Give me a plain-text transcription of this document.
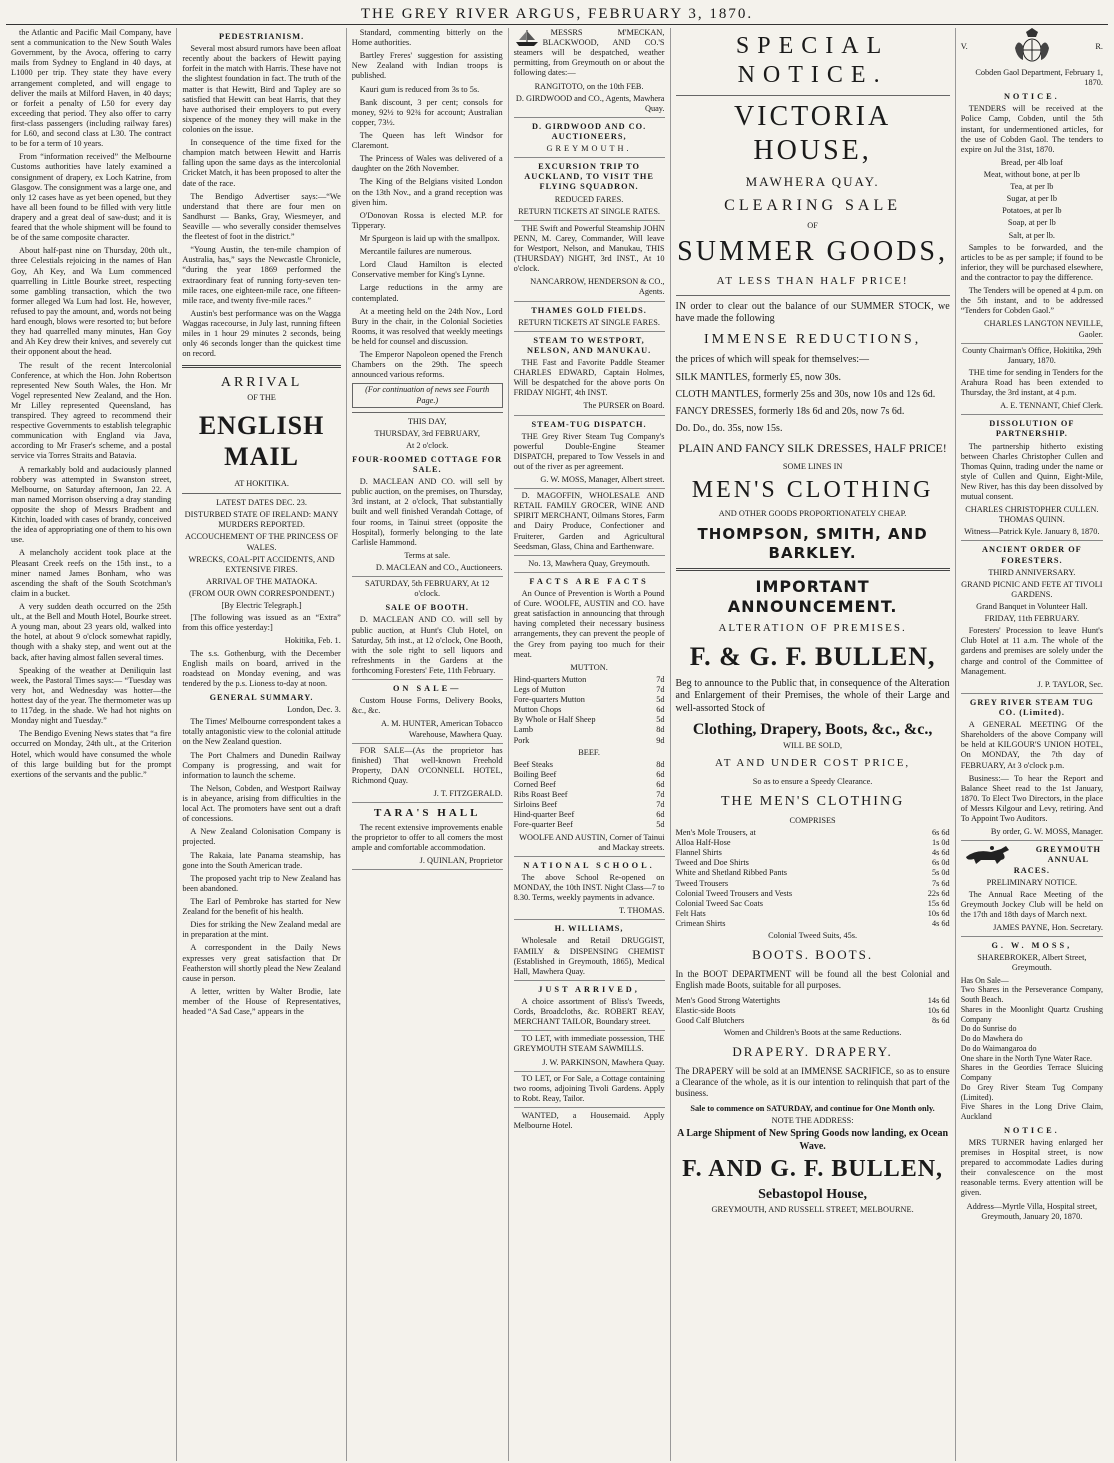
THE GREY RIVER ARGUS, FEBRUARY 3, 1870.

the Atlantic and Pacific Mail Company, have sent a communication to the New South Wales Government, by the Avoca, offering to carry mails from Sydney to England in 40 days, at L1000 per trip. They state they have every arrangement completed, and will engage to deliver the mails at Milford Haven, in 40 days; or forfeit a penalty of L50 for every day exceeding that period. They also offer to carry first-class passengers (including railway fares) for L60, and second class at L30. The contract to be for a term of 10 years.

From “information received” the Melbourne Customs authorities have lately examined a consignment of drapery, ex Loch Katrine, from Glasgow. The consignment was a large one, and only 12 cases have as yet been opened, but they have all been found to be filled with very little drapery and a great deal of saw-dust; and it is feared that the whole shipment will be found to be of the same composite character.

About half-past nine on Thursday, 20th ult., three Celestials rejoicing in the names of Han Goy, Ah Key, and Wa Lum commenced quarrelling in Little Bourke street, respecting some gambling transaction, which the two former alleged Wa Lum had lost. He, however, refused to pay the amount, and, words not being hard enough, blows were resorted to; but before they had quarrelled many minutes, Han Goy and Ah Key drew their knives, and severely cut their opponent about the head.

The result of the recent Intercolonial Conference, at which the Hon. John Robertson represented New South Wales, the Hon. Mr Vogel represented New Zealand, and the Hon. Mr Lilley represented Queensland, has transpired. They agreed to recommend their respective Governments to establish telegraphic communication with England via Java, according to Mr Fraser's scheme, and a postal service via Torres Straits and Batavia.

A remarkably bold and audaciously planned robbery was attempted in Swanston street, Melbourne, on Saturday afternoon, Jan 22. A man named Morrison observing a dray standing opposite the shop of Messrs Bradbent and Kitchin, loaded with cases of brandy, conceived the idea of appropriating one of them to his own use.

A melancholy accident took place at the Pleasant Creek reefs on the 15th inst., to a miner named James Bonham, who was ascending the shaft of the South Scotchman's claim in a bucket.

A very sudden death occurred on the 25th ult., at the Bell and Mouth Hotel, Bourke street. A young man, about 23 years old, walked into the hotel, at about 9 o'clock somewhat rapidly, though with a shaky step, and went out at the back, after having almost fallen several times.

Speaking of the weather at Deniliquin last week, the Pastoral Times says:— “Tuesday was very hot, and Wednesday was hotter—the hottest day of the year. The thermometer was up to 117deg. in the shade. We had hot nights on Monday night and Tuesday.”

The Bendigo Evening News states that “a fire occurred on Monday, 24th ult., at the Criterion Hotel, which would have consumed the whole of this large building but for the prompt exertions of the servants and the public.”

PEDESTRIANISM.

Several most absurd rumors have been afloat recently about the backers of Hewitt paying forfeit in the match with Harris. These have not the slightest foundation in fact. The truth of the matter is that Hewitt, Bird and Tapley are so satisfied that Hewitt can beat Harris, that they have authorised their employers to put every sixpence of the money they will make in the colonies on the issue.

In consequence of the time fixed for the champion match between Hewitt and Harris falling upon the same days as the intercolonial Cricket Match, it has been proposed to alter the date of the race.

The Bendigo Advertiser says:—“We understand that there are four men on Sandhurst — Banks, Gray, Wiesmeyer, and Seaville — who severally consider themselves the fleetest of foot in the district.”

“Young Austin, the ten-mile champion of Australia, has,” says the Newcastle Chronicle, “during the year 1869 performed the extraordinary feat of running forty-seven ten-mile races, one eighteen-mile race, one fifteen-mile race, and twenty five-mile races.”

Austin's best performance was on the Wagga Waggas racecourse, in July last, running fifteen miles in 1 hour 29 minutes 2 seconds, being only 46 seconds longer than the quickest time on record.

ARRIVAL
OF THE
ENGLISH MAIL
AT HOKITIKA.
LATEST DATES DEC. 23.
DISTURBED STATE OF IRELAND: MANY MURDERS REPORTED.
ACCOUCHEMENT OF THE PRINCESS OF WALES.
WRECKS, COAL-PIT ACCIDENTS, AND EXTENSIVE FIRES.
ARRIVAL OF THE MATAOKA.
(FROM OUR OWN CORRESPONDENT.)
[By Electric Telegraph.]

[The following was issued as an “Extra” from this office yesterday:]

Hokitika, Feb. 1.

The s.s. Gothenburg, with the December English mails on board, arrived in the roadstead on Monday evening, and was tendered by the p.s. Lioness to-day at noon.

GENERAL SUMMARY.
London, Dec. 3.

The Times' Melbourne correspondent takes a totally antagonistic view to the colonial attitude on the New Zealand question.

The Port Chalmers and Dunedin Railway Company is progressing, and wait for information to launch the scheme.

The Nelson, Cobden, and Westport Railway is in abeyance, arising from difficulties in the local Act. The promoters have sent out a draft of concessions.

A New Zealand Colonisation Company is projected.

The Rakaia, late Panama steamship, has gone into the South American trade.

The proposed yacht trip to New Zealand has been abandoned.

The Earl of Pembroke has started for New Zealand for the benefit of his health.

Dies for striking the New Zealand medal are in preparation at the mint.

A correspondent in the Daily News expresses very great satisfaction that Dr Featherston will shortly plead the New Zealand cause in person.

A letter, written by Walter Brodie, late member of the House of Representatives, headed “A Sad Case,” appears in the

Standard, commenting bitterly on the Home authorities.

Bartley Freres' suggestion for assisting New Zealand with Indian troops is published.

Kauri gum is reduced from 3s to 5s.

Bank discount, 3 per cent; consols for money, 92½ to 92¾ for account; Australian copper, 73½.

The Queen has left Windsor for Claremont.

The Princess of Wales was delivered of a daughter on the 26th November.

The King of the Belgians visited London on the 13th Nov., and a grand reception was given him.

O'Donovan Rossa is elected M.P. for Tipperary.

Mr Spurgeon is laid up with the smallpox.

Mercantile failures are numerous.

Lord Claud Hamilton is elected Conservative member for King's Lynne.

Large reductions in the army are contemplated.

At a meeting held on the 24th Nov., Lord Bury in the chair, in the Colonial Societies Rooms, it was resolved that weekly meetings be held for counsel and discussion.

The Emperor Napoleon opened the French Chambers on the 29th. The speech announced various reforms.

(For continuation of news see Fourth Page.)
THIS DAY,
THURSDAY, 3rd FEBRUARY,
At 2 o'clock.
FOUR-ROOMED COTTAGE FOR SALE.

D. MACLEAN AND CO. will sell by public auction, on the premises, on Thursday, 3rd instant, at 2 o'clock, That substantially built and well finished Verandah Cottage, of four rooms, in Tainui street (opposite the Hospital), formerly belonging to the late Carlisle Hammond.

Terms at sale.
D. MACLEAN and CO., Auctioneers.
SATURDAY, 5th FEBRUARY, At 12 o'clock.
SALE OF BOOTH.

D. MACLEAN AND CO. will sell by public auction, at Hunt's Club Hotel, on Saturday, 5th inst., at 12 o'clock, One Booth, with the sole right to sell liquors and refreshments in the Gardens at the forthcoming Foresters' Fete, 11th February.

ON SALE—

Custom House Forms, Delivery Books, &c., &c.

A. M. HUNTER, American Tobacco Warehouse, Mawhera Quay.

FOR SALE—(As the proprietor has finished) That well-known Freehold Property, DAN O'CONNELL HOTEL, Richmond Quay.

J. T. FITZGERALD.
TARA'S HALL

The recent extensive improvements enable the proprietor to offer to all comers the most ample and comfortable accommodation.

J. QUINLAN, Proprietor

MESSRS M'MECKAN, BLACKWOOD, AND CO.'S steamers will be despatched, weather permitting, from Greymouth on or about the following dates:—

RANGITOTO, on the 10th FEB.
D. GIRDWOOD and CO., Agents, Mawhera Quay.
D. GIRDWOOD AND CO. AUCTIONEERS,
GREYMOUTH.
EXCURSION TRIP TO AUCKLAND, TO VISIT THE FLYING SQUADRON.
REDUCED FARES.
RETURN TICKETS AT SINGLE RATES.

THE Swift and Powerful Steamship JOHN PENN, M. Carey, Commander, Will leave for Westport, Nelson, and Manukau, THIS (THURSDAY) NIGHT, 3rd INST., At 10 o'clock.

NANCARROW, HENDERSON & CO., Agents.
THAMES GOLD FIELDS.
RETURN TICKETS AT SINGLE FARES.
STEAM TO WESTPORT, NELSON, AND MANUKAU.

THE Fast and Favorite Paddle Steamer CHARLES EDWARD, Captain Holmes, Will be despatched for the above ports On FRIDAY NIGHT, 4th INST.

The PURSER on Board.
STEAM-TUG DISPATCH.

THE Grey River Steam Tug Company's powerful Double-Engine Steamer DISPATCH, prepared to Tow Vessels in and out of the river as per agreement.

G. W. MOSS, Manager, Albert street.

D. MAGOFFIN, WHOLESALE AND RETAIL FAMILY GROCER, WINE AND SPIRIT MERCHANT, Oilmans Stores, Farm and Dairy Produce, Confectioner and Fruiterer, Garden and Agricultural Seedsman, Glass, China and Earthenware.

No. 13, Mawhera Quay, Greymouth.
FACTS ARE FACTS

An Ounce of Prevention is Worth a Pound of Cure. WOOLFE, AUSTIN and CO. have great satisfaction in announcing that through having completed their necessary business arrangements, they can prevent the people of the Grey from paying too much for their meat.

MUTTON.
Hind-quarters Mutton	7d
Legs of Mutton	7d
Fore-quarters Mutton	5d
Mutton Chops	6d
By Whole or Half Sheep	5d
Lamb	8d
Pork	9d
BEEF.
Beef Steaks	8d
Boiling Beef	6d
Corned Beef	6d
Ribs Roast Beef	7d
Sirloins Beef	7d
Hind-quarter Beef	6d
Fore-quarter Beef	5d
WOOLFE AND AUSTIN, Corner of Tainui and Mackay streets.
NATIONAL SCHOOL.

The above School Re-opened on MONDAY, the 10th INST. Night Class—7 to 8.30. Terms, weekly payments in advance.

T. THOMAS.
H. WILLIAMS,

Wholesale and Retail DRUGGIST, FAMILY & DISPENSING CHEMIST (Established in Greymouth, 1865), Medical Hall, Mawhera Quay.

JUST ARRIVED,

A choice assortment of Bliss's Tweeds, Cords, Broadcloths, &c. ROBERT REAY, MERCHANT TAILOR, Boundary street.

TO LET, with immediate possession, THE GREYMOUTH STEAM SAWMILLS.

J. W. PARKINSON, Mawhera Quay.

TO LET, or For Sale, a Cottage containing two rooms, adjoining Tivoli Gardens. Apply to Robt. Reay, Tailor.

WANTED, a Housemaid. Apply Melbourne Hotel.

SPECIAL NOTICE.
VICTORIA HOUSE,
MAWHERA QUAY.
CLEARING SALE
OF
SUMMER GOODS,
AT LESS THAN HALF PRICE!
IN order to clear out the balance of our SUMMER STOCK, we have made the following
IMMENSE REDUCTIONS,
the prices of which will speak for themselves:—
SILK MANTLES, formerly £5, now 30s.
CLOTH MANTLES, formerly 25s and 30s, now 10s and 12s 6d.
FANCY DRESSES, formerly 18s 6d and 20s, now 7s 6d.
Do. Do., do. 35s, now 15s.
PLAIN AND FANCY SILK DRESSES, HALF PRICE!
SOME LINES IN
MEN'S CLOTHING
AND OTHER GOODS PROPORTIONATELY CHEAP.
THOMPSON, SMITH, AND BARKLEY.
IMPORTANT ANNOUNCEMENT.
ALTERATION OF PREMISES.
F. & G. F. BULLEN,
Beg to announce to the Public that, in consequence of the Alteration and Enlargement of their Premises, the whole of their Large and well-assorted Stock of
Clothing, Drapery, Boots, &c., &c.,
WILL BE SOLD,
AT AND UNDER COST PRICE,
So as to ensure a Speedy Clearance.
THE MEN'S CLOTHING
COMPRISES
Men's Mole Trousers, at	6s 6d
Alloa Half-Hose	1s 0d
Flannel Shirts	4s 6d
Tweed and Doe Shirts	6s 0d
White and Shetland Ribbed Pants	5s 0d
Tweed Trousers	7s 6d
Colonial Tweed Trousers and Vests	22s 6d
Colonial Tweed Sac Coats	15s 6d
Felt Hats	10s 6d
Crimean Shirts	4s 6d
Colonial Tweed Suits, 45s.
BOOTS. BOOTS.
In the BOOT DEPARTMENT will be found all the best Colonial and English made Boots, suitable for all purposes.
Men's Good Strong Watertights	14s 6d
Elastic-side Boots	10s 6d
Good Calf Blutchers	8s 6d
Women and Children's Boots at the same Reductions.
DRAPERY. DRAPERY.
The DRAPERY will be sold at an IMMENSE SACRIFICE, so as to ensure a Clearance of the whole, as it is our intention to relinquish that part of the business.
Sale to commence on SATURDAY, and continue for One Month only.
NOTE THE ADDRESS:
A Large Shipment of New Spring Goods now landing, ex Ocean Wave.
F. AND G. F. BULLEN,
Sebastopol House,
GREYMOUTH, AND RUSSELL STREET, MELBOURNE.
V.	R.
Cobden Gaol Department, February 1, 1870.
NOTICE.

TENDERS will be received at the Police Camp, Cobden, until the 5th instant, for undermentioned articles, for the use of Cobden Gaol. The tenders to expire on Jul the 31st, 1870.

Bread, per 4lb loaf
Meat, without bone, at per lb
Tea, at per lb
Sugar, at per lb
Potatoes, at per lb
Soap, at per lb
Salt, at per lb.

Samples to be forwarded, and the articles to be as per sample; if found to be inferior, they will be purchased elsewhere, and the contractor to pay the difference.

The Tenders will be opened at 4 p.m. on the 5th instant, and to be addressed “Tenders for Cobden Gaol.”

CHARLES LANGTON NEVILLE, Gaoler.
County Chairman's Office, Hokitika, 29th January, 1870.

THE time for sending in Tenders for the Arahura Road has been extended to Thursday, the 3rd instant, at 4 p.m.

A. E. TENNANT, Chief Clerk.
DISSOLUTION OF PARTNERSHIP.

The partnership hitherto existing between Charles Christopher Cullen and Thomas Quinn, trading under the name or style of Cullen and Quinn, Eight-Mile, New River, has this day been dissolved by mutual consent.

CHARLES CHRISTOPHER CULLEN. THOMAS QUINN.
Witness—Patrick Kyle. January 8, 1870.
ANCIENT ORDER OF FORESTERS.
THIRD ANNIVERSARY.
GRAND PICNIC AND FETE AT TIVOLI GARDENS.
Grand Banquet in Volunteer Hall.
FRIDAY, 11th FEBRUARY.

Foresters' Procession to leave Hunt's Club Hotel at 11 a.m. The whole of the gardens and premises are solely under the charge and control of the Committee of Management.

J. P. TAYLOR, Sec.
GREY RIVER STEAM TUG CO. (Limited).

A GENERAL MEETING Of the Shareholders of the above Company will be held at KILGOUR'S UNION HOTEL, On MONDAY, the 7th day of FEBRUARY, At 3 o'clock p.m.

Business:— To hear the Report and Balance Sheet read to the 1st January, 1870. To Elect Two Directors, in the place of Messrs Kilgour and Levy, retiring. And To Appoint Two Auditors.

By order, G. W. MOSS, Manager.
GREYMOUTH ANNUAL RACES.
PRELIMINARY NOTICE.

The Annual Race Meeting of the Greymouth Jockey Club will be held on the 17th and 18th days of March next.

JAMES PAYNE, Hon. Secretary.
G. W. MOSS,
SHAREBROKER, Albert Street, Greymouth.
Has On Sale—
Two Shares in the Perseverance Company, South Beach.
Shares in the Moonlight Quartz Crushing Company
Do do Sunrise do
Do do Mawhera do
Do do Waimangaroa do
One share in the North Tyne Water Race.
Shares in the Geordies Terrace Sluicing Company
Do Grey River Steam Tug Company (Limited).
Five Shares in the Long Drive Claim, Auckland
NOTICE.

MRS TURNER having enlarged her premises in Hospital street, is now prepared to accommodate Ladies during their convalescence on the most reasonable terms. Every attention will be given.

Address—Myrtle Villa, Hospital street, Greymouth, January 20, 1870.
